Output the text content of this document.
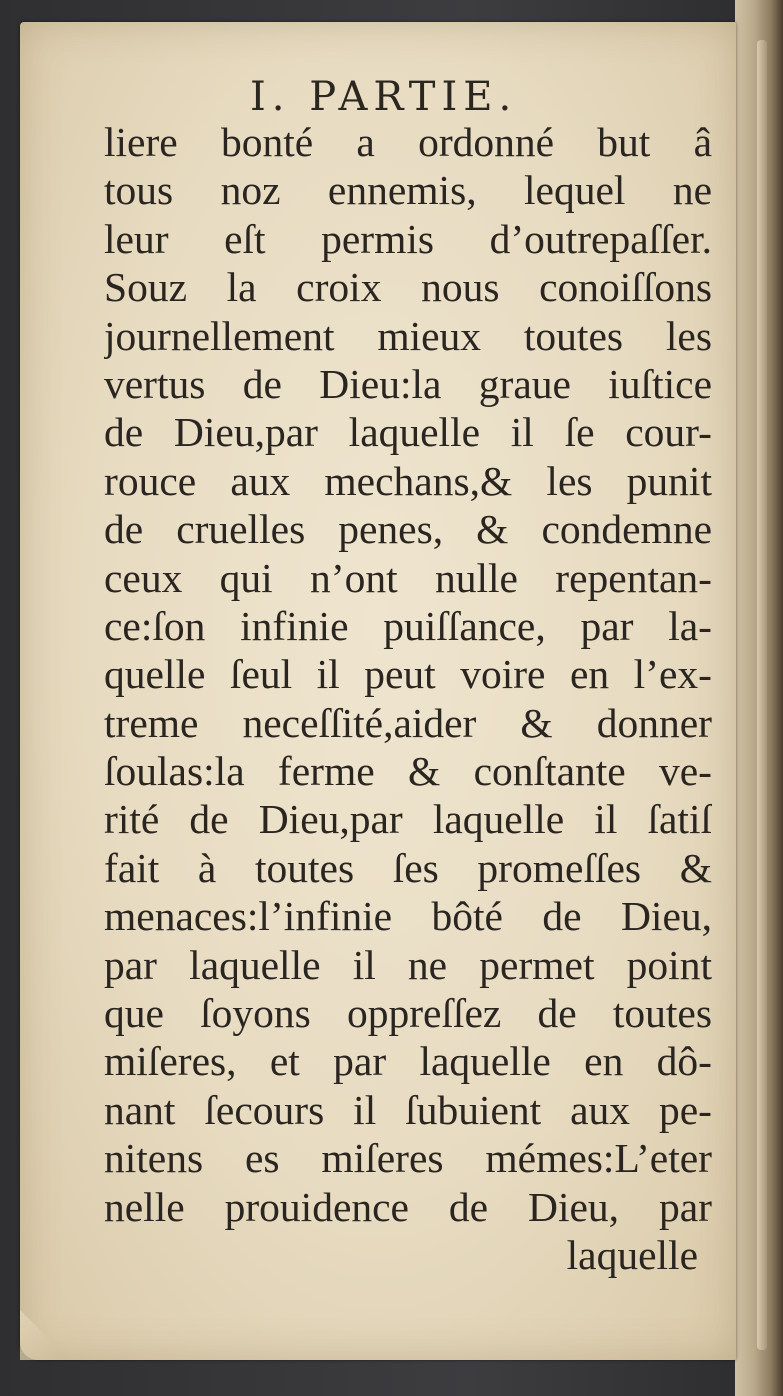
I. PARTIE.
liere bonté a ordonné but â
tous noz ennemis, lequel ne
leur eſt permis d’outrepaſſer.
Souz la croix nous conoiſſons
journellement mieux toutes les
vertus de Dieu:la graue iuſtice
de Dieu,par laquelle il ſe cour-
rouce aux mechans,& les punit
de cruelles penes, & condemne
ceux qui n’ont nulle repentan-
ce:ſon infinie puiſſance, par la-
quelle ſeul il peut voire en l’ex-
treme neceſſité,aider & donner
ſoulas:la ferme & conſtante ve-
rité de Dieu,par laquelle il ſatiſ
fait à toutes ſes promeſſes &
menaces:l’infinie bôté de Dieu,
par laquelle il ne permet point
que ſoyons oppreſſez de toutes
miſeres, et par laquelle en dô-
nant ſecours il ſubuient aux pe-
nitens es miſeres mémes:L’eter
nelle prouidence de Dieu, par
laquelle
